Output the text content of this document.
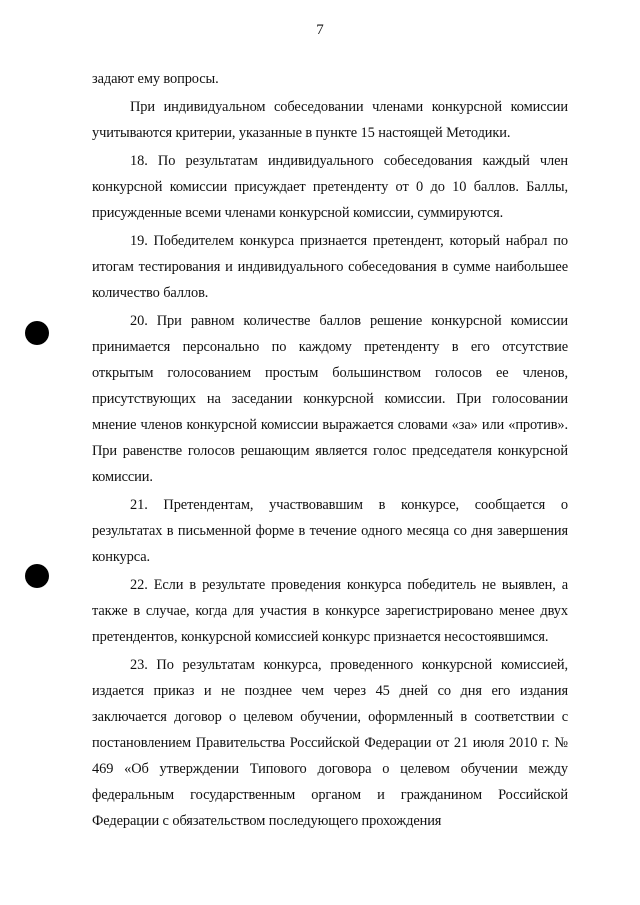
7

задают ему вопросы.

При индивидуальном собеседовании членами конкурсной комиссии учитываются критерии, указанные в пункте 15 настоящей Методики.

18. По результатам индивидуального собеседования каждый член конкурсной комиссии присуждает претенденту от 0 до 10 баллов. Баллы, присужденные всеми членами конкурсной комиссии, суммируются.

19. Победителем конкурса признается претендент, который набрал по итогам тестирования и индивидуального собеседования в сумме наибольшее количество баллов.

20. При равном количестве баллов решение конкурсной комиссии принимается персонально по каждому претенденту в его отсутствие открытым голосованием простым большинством голосов ее членов, присутствующих на заседании конкурсной комиссии. При голосовании мнение членов конкурсной комиссии выражается словами «за» или «против». При равенстве голосов решающим является голос председателя конкурсной комиссии.

21. Претендентам, участвовавшим в конкурсе, сообщается о результатах в письменной форме в течение одного месяца со дня завершения конкурса.

22. Если в результате проведения конкурса победитель не выявлен, а также в случае, когда для участия в конкурсе зарегистрировано менее двух претендентов, конкурсной комиссией конкурс признается несостоявшимся.

23. По результатам конкурса, проведенного конкурсной комиссией, издается приказ и не позднее чем через 45 дней со дня его издания заключается договор о целевом обучении, оформленный в соответствии с постановлением Правительства Российской Федерации от 21 июля 2010 г. № 469 «Об утверждении Типового договора о целевом обучении между федеральным государственным органом и гражданином Российской Федерации с обязательством последующего прохождения
